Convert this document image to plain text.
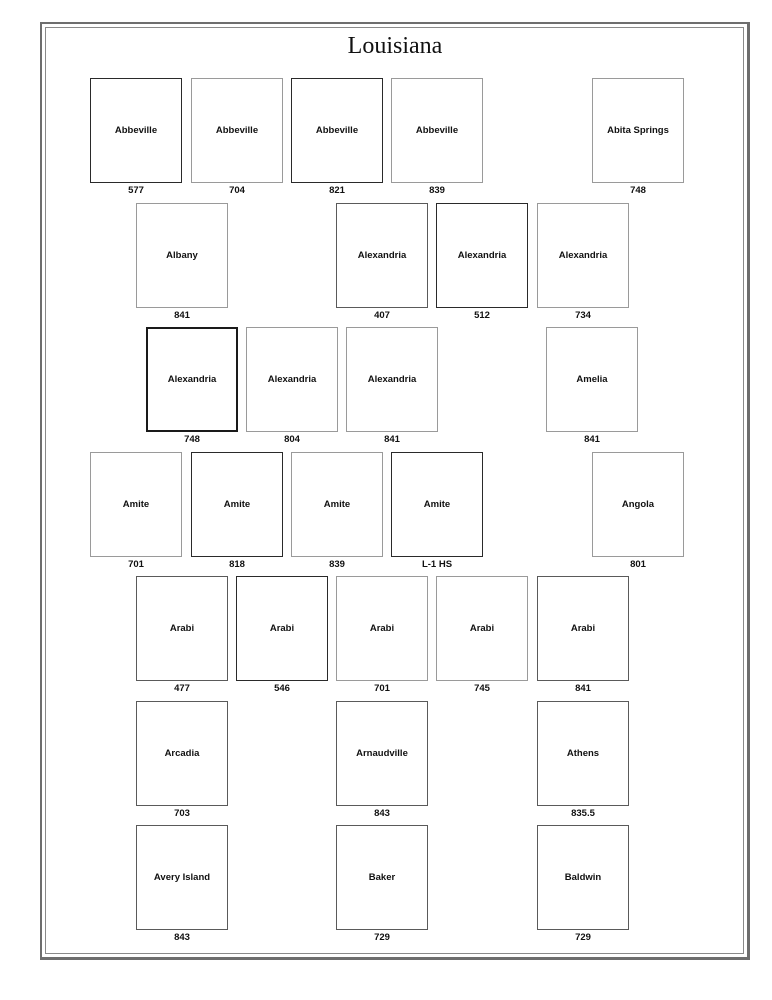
Louisiana
Abbeville
577
Abbeville
704
Abbeville
821
Abbeville
839
Abita Springs
748
Albany
841
Alexandria
407
Alexandria
512
Alexandria
734
Alexandria
748
Alexandria
804
Alexandria
841
Amelia
841
Amite
701
Amite
818
Amite
839
Amite
L-1 HS
Angola
801
Arabi
477
Arabi
546
Arabi
701
Arabi
745
Arabi
841
Arcadia
703
Arnaudville
843
Athens
835.5
Avery Island
843
Baker
729
Baldwin
729
